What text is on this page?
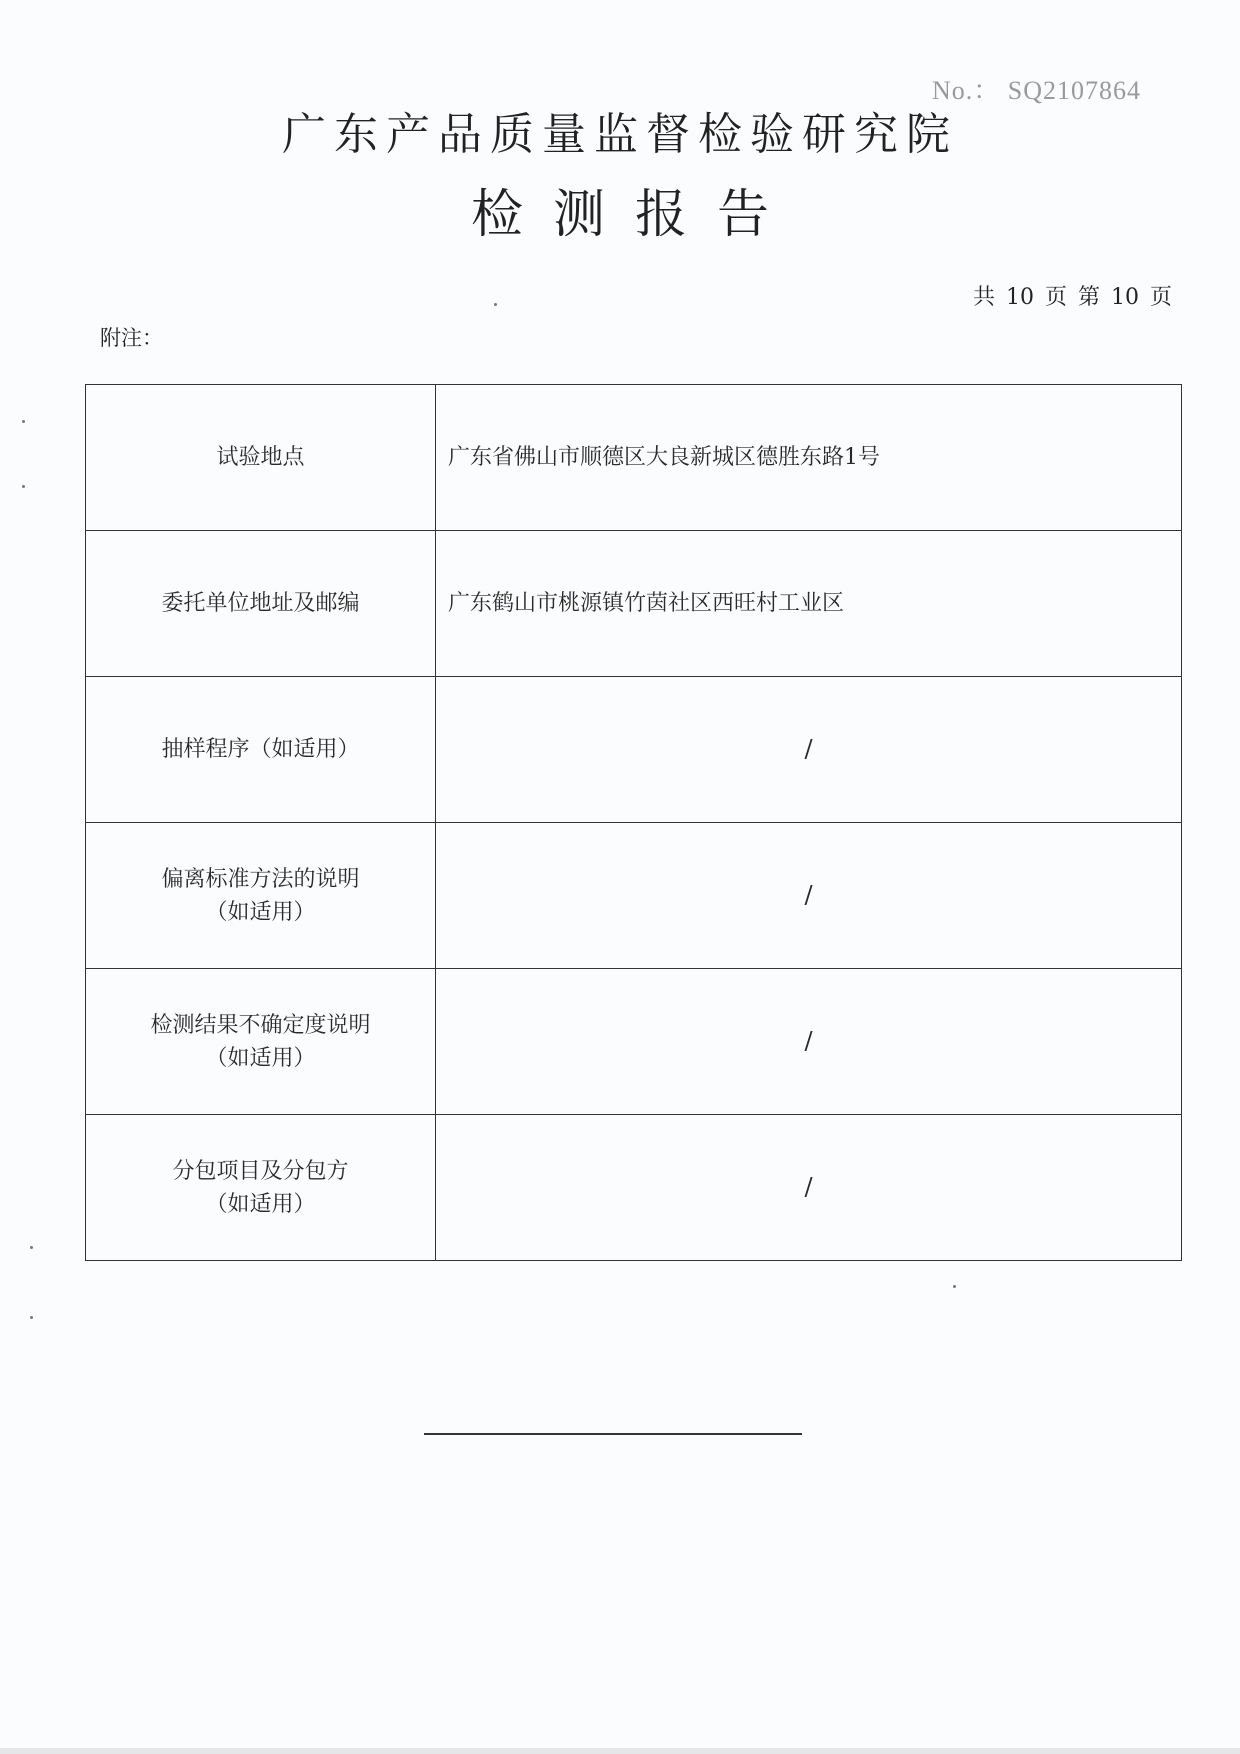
No.： SQ2107864
广东产品质量监督检验研究院
检测报告
共 10 页 第 10 页
附注：
试验地点	广东省佛山市顺德区大良新城区德胜东路1号

委托单位地址及邮编	广东鹤山市桃源镇竹茵社区西旺村工业区

抽样程序（如适用）	/

偏离标准方法的说明
（如适用）	/

检测结果不确定度说明
（如适用）	/

分包项目及分包方
（如适用）	/
